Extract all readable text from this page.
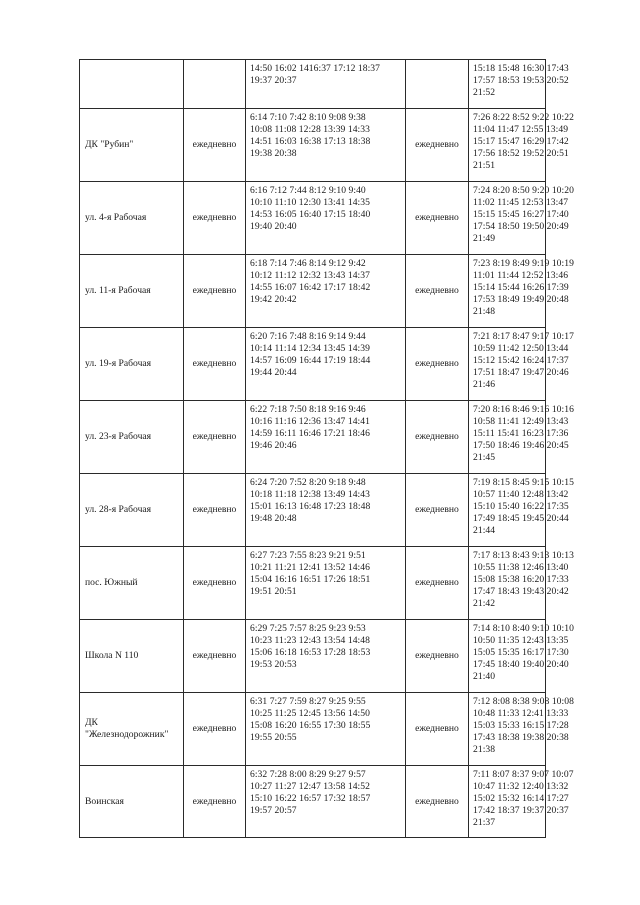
		14:50 16:02 1416:37 17:12 18:37
19:37 20:37		15:18 15:48 16:30 17:43
17:57 18:53 19:53 20:52
21:52

ДК "Рубин"	ежедневно	6:14 7:10 7:42 8:10 9:08 9:38
10:08 11:08 12:28 13:39 14:33
14:51 16:03 16:38 17:13 18:38
19:38 20:38	ежедневно	7:26 8:22 8:52 9:22 10:22
11:04 11:47 12:55 13:49
15:17 15:47 16:29 17:42
17:56 18:52 19:52 20:51
21:51

ул. 4-я Рабочая	ежедневно	6:16 7:12 7:44 8:12 9:10 9:40
10:10 11:10 12:30 13:41 14:35
14:53 16:05 16:40 17:15 18:40
19:40 20:40	ежедневно	7:24 8:20 8:50 9:20 10:20
11:02 11:45 12:53 13:47
15:15 15:45 16:27 17:40
17:54 18:50 19:50 20:49
21:49

ул. 11-я Рабочая	ежедневно	6:18 7:14 7:46 8:14 9:12 9:42
10:12 11:12 12:32 13:43 14:37
14:55 16:07 16:42 17:17 18:42
19:42 20:42	ежедневно	7:23 8:19 8:49 9:19 10:19
11:01 11:44 12:52 13:46
15:14 15:44 16:26 17:39
17:53 18:49 19:49 20:48
21:48

ул. 19-я Рабочая	ежедневно	6:20 7:16 7:48 8:16 9:14 9:44
10:14 11:14 12:34 13:45 14:39
14:57 16:09 16:44 17:19 18:44
19:44 20:44	ежедневно	7:21 8:17 8:47 9:17 10:17
10:59 11:42 12:50 13:44
15:12 15:42 16:24 17:37
17:51 18:47 19:47 20:46
21:46

ул. 23-я Рабочая	ежедневно	6:22 7:18 7:50 8:18 9:16 9:46
10:16 11:16 12:36 13:47 14:41
14:59 16:11 16:46 17:21 18:46
19:46 20:46	ежедневно	7:20 8:16 8:46 9:16 10:16
10:58 11:41 12:49 13:43
15:11 15:41 16:23 17:36
17:50 18:46 19:46 20:45
21:45

ул. 28-я Рабочая	ежедневно	6:24 7:20 7:52 8:20 9:18 9:48
10:18 11:18 12:38 13:49 14:43
15:01 16:13 16:48 17:23 18:48
19:48 20:48	ежедневно	7:19 8:15 8:45 9:15 10:15
10:57 11:40 12:48 13:42
15:10 15:40 16:22 17:35
17:49 18:45 19:45 20:44
21:44

пос. Южный	ежедневно	6:27 7:23 7:55 8:23 9:21 9:51
10:21 11:21 12:41 13:52 14:46
15:04 16:16 16:51 17:26 18:51
19:51 20:51	ежедневно	7:17 8:13 8:43 9:13 10:13
10:55 11:38 12:46 13:40
15:08 15:38 16:20 17:33
17:47 18:43 19:43 20:42
21:42

Школа N 110	ежедневно	6:29 7:25 7:57 8:25 9:23 9:53
10:23 11:23 12:43 13:54 14:48
15:06 16:18 16:53 17:28 18:53
19:53 20:53	ежедневно	7:14 8:10 8:40 9:10 10:10
10:50 11:35 12:43 13:35
15:05 15:35 16:17 17:30
17:45 18:40 19:40 20:40
21:40

ДК "Железнодорожник"	ежедневно	6:31 7:27 7:59 8:27 9:25 9:55
10:25 11:25 12:45 13:56 14:50
15:08 16:20 16:55 17:30 18:55
19:55 20:55	ежедневно	7:12 8:08 8:38 9:08 10:08
10:48 11:33 12:41 13:33
15:03 15:33 16:15 17:28
17:43 18:38 19:38 20:38
21:38

Воинская	ежедневно	6:32 7:28 8:00 8:29 9:27 9:57
10:27 11:27 12:47 13:58 14:52
15:10 16:22 16:57 17:32 18:57
19:57 20:57	ежедневно	7:11 8:07 8:37 9:07 10:07
10:47 11:32 12:40 13:32
15:02 15:32 16:14 17:27
17:42 18:37 19:37 20:37
21:37
